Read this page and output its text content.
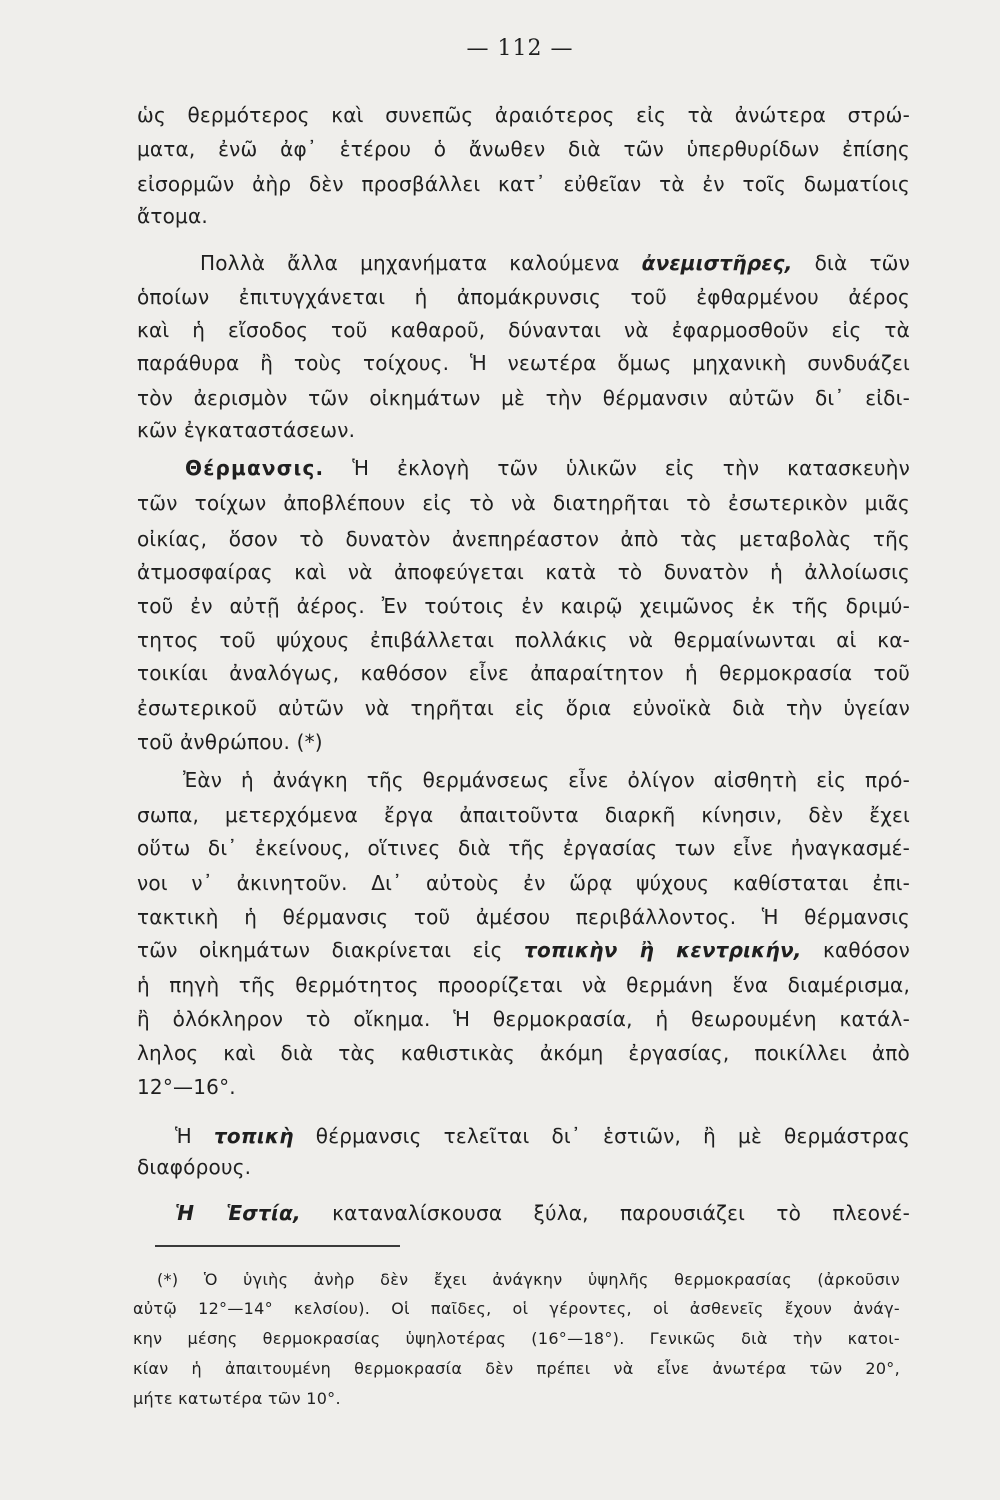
— 112 —
ὡς θερμότερος καὶ συνεπῶς ἀραιότερος εἰς τὰ ἀνώτερα στρώ-
ματα, ἐνῶ ἀφ᾽ ἑτέρου ὁ ἄνωθεν διὰ τῶν ὑπερθυρίδων ἐπίσης
εἰσορμῶν ἀὴρ δὲν προσβάλλει κατ᾽ εὐθεῖαν τὰ ἐν τοῖς δωματίοις
ἄτομα.
Πολλὰ ἄλλα μηχανήματα καλούμενα ἀνεμιστῆρες, διὰ τῶν
ὁποίων ἐπιτυγχάνεται ἡ ἀπομάκρυνσις τοῦ ἐφθαρμένου ἀέρος
καὶ ἡ εἴσοδος τοῦ καθαροῦ, δύνανται νὰ ἐφαρμοσθοῦν εἰς τὰ
παράθυρα ἢ τοὺς τοίχους. Ἡ νεωτέρα ὅμως μηχανικὴ συνδυάζει
τὸν ἀερισμὸν τῶν οἰκημάτων μὲ τὴν θέρμανσιν αὐτῶν δι᾽ εἰδι-
κῶν ἐγκαταστάσεων.
Θέρμανσις. Ἡ ἐκλογὴ τῶν ὑλικῶν εἰς τὴν κατασκευὴν
τῶν τοίχων ἀποβλέπουν εἰς τὸ νὰ διατηρῆται τὸ ἐσωτερικὸν μιᾶς
οἰκίας, ὅσον τὸ δυνατὸν ἀνεπηρέαστον ἀπὸ τὰς μεταβολὰς τῆς
ἀτμοσφαίρας καὶ νὰ ἀποφεύγεται κατὰ τὸ δυνατὸν ἡ ἀλλοίωσις
τοῦ ἐν αὐτῇ ἀέρος. Ἐν τούτοις ἐν καιρῷ χειμῶνος ἐκ τῆς δριμύ-
τητος τοῦ ψύχους ἐπιβάλλεται πολλάκις νὰ θερμαίνωνται αἱ κα-
τοικίαι ἀναλόγως, καθόσον εἶνε ἀπαραίτητον ἡ θερμοκρασία τοῦ
ἐσωτερικοῦ αὐτῶν νὰ τηρῆται εἰς ὅρια εὐνοϊκὰ διὰ τὴν ὑγείαν
τοῦ ἀνθρώπου. (*)
Ἐὰν ἡ ἀνάγκη τῆς θερμάνσεως εἶνε ὀλίγον αἰσθητὴ εἰς πρό-
σωπα, μετερχόμενα ἔργα ἀπαιτοῦντα διαρκῆ κίνησιν, δὲν ἔχει
οὕτω δι᾽ ἐκείνους, οἵτινες διὰ τῆς ἐργασίας των εἶνε ἠναγκασμέ-
νοι ν᾽ ἀκινητοῦν. Δι᾽ αὐτοὺς ἐν ὥρᾳ ψύχους καθίσταται ἐπι-
τακτικὴ ἡ θέρμανσις τοῦ ἀμέσου περιβάλλοντος. Ἡ θέρμανσις
τῶν οἰκημάτων διακρίνεται εἰς τοπικὴν ἢ κεντρικήν, καθόσον
ἡ πηγὴ τῆς θερμότητος προορίζεται νὰ θερμάνη ἕνα διαμέρισμα,
ἢ ὁλόκληρον τὸ οἴκημα. Ἡ θερμοκρασία, ἡ θεωρουμένη κατάλ-
ληλος καὶ διὰ τὰς καθιστικὰς ἀκόμη ἐργασίας, ποικίλλει ἀπὸ
12°—16°.
Ἡ τοπικὴ θέρμανσις τελεῖται δι᾽ ἑστιῶν, ἢ μὲ θερμάστρας
διαφόρους.
Ἡ Ἑστία, καταναλίσκουσα ξύλα, παρουσιάζει τὸ πλεονέ-
(*) Ὁ ὑγιὴς ἀνὴρ δὲν ἔχει ἀνάγκην ὑψηλῆς θερμοκρασίας (ἀρκοῦσιν
αὐτῷ 12°—14° κελσίου). Οἱ παῖδες, οἱ γέροντες, οἱ ἀσθενεῖς ἔχουν ἀνάγ-
κην μέσης θερμοκρασίας ὑψηλοτέρας (16°—18°). Γενικῶς διὰ τὴν κατοι-
κίαν ἡ ἀπαιτουμένη θερμοκρασία δὲν πρέπει νὰ εἶνε ἀνωτέρα τῶν 20°,
μήτε κατωτέρα τῶν 10°.
